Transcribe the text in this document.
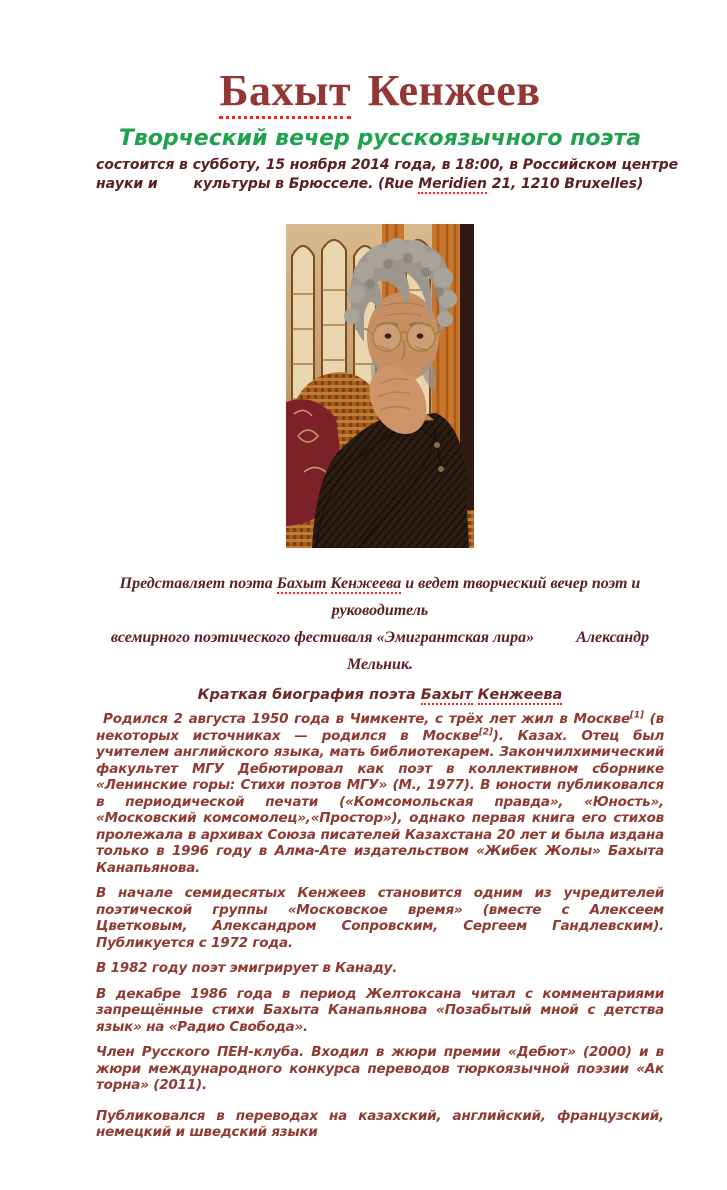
Бахыт Кенжеев
Творческий вечер русскоязычного поэта
состоится в субботу, 15 ноября 2014 года, в 18:00, в Российском центре
науки и	культуры в Брюсселе. (Rue Meridien 21, 1210 Bruxelles)
Представляет поэта Бахыт Кенжеева и ведет творческий вечер поэт и руководитель
всемирного поэтического фестиваля «Эмигрантская лира»	Александр Мельник.
Краткая биография поэта Бахыт Кенжеева

Родился 2 августа 1950 года в Чимкенте, с трёх лет жил в Москве[1] (в некоторых источниках — родился в Москве[2]). Казах. Отец был учителем английского языка, мать библиотекарем. Закончилхимический факультет МГУ Дебютировал как поэт в коллективном сборнике «Ленинские горы: Стихи поэтов МГУ» (М., 1977). В юности публиковался в периодической печати («Комсомольская правда», «Юность», «Московский комсомолец»,«Простор»), однако первая книга его стихов пролежала в архивах Союза писателей Казахстана 20 лет и была издана только в 1996 году в Алма-Ате издательством «Жибек Жолы» Бахыта Канапьянова.

В начале семидесятых Кенжеев становится одним из учредителей поэтической группы «Московское время» (вместе с Алексеем Цветковым, Александром Сопровским, Сергеем Гандлевским). Публикуется с 1972 года.

В 1982 году поэт эмигрирует в Канаду.

В декабре 1986 года в период Желтоксана читал с комментариями запрещённые стихи Бахыта Канапьянова «Позабытый мной с детства язык» на «Радио Свобода».

Член Русского ПЕН-клуба. Входил в жюри премии «Дебют» (2000) и в жюри международного конкурса переводов тюркоязычной поэзии «Ак торна» (2011).

Публиковался в переводах на казахский, английский, французский, немецкий и шведский языки
